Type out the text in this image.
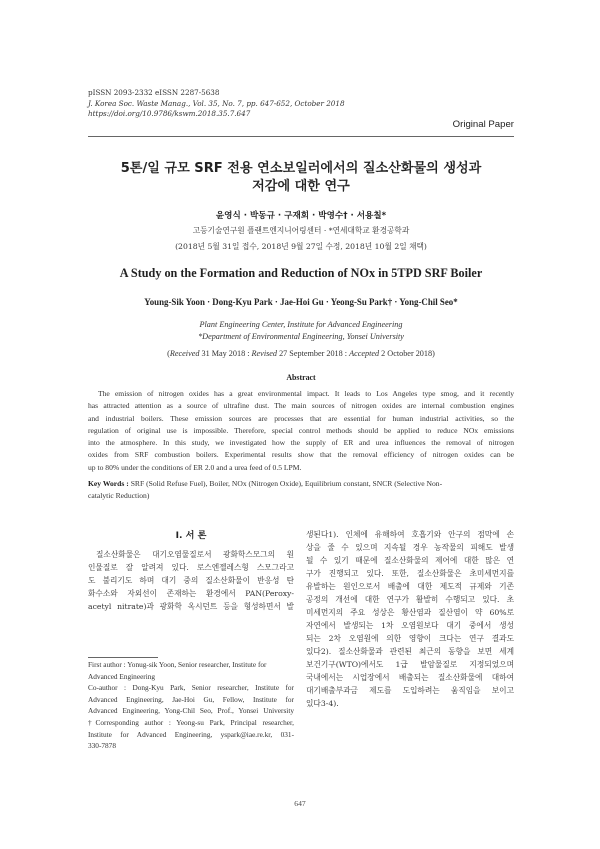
pISSN 2093-2332 eISSN 2287-5638
J. Korea Soc. Waste Manag., Vol. 35, No. 7, pp. 647-652, October 2018
https://doi.org/10.9786/kswm.2018.35.7.647
Original Paper
5톤/일 규모 SRF 전용 연소보일러에서의 질소산화물의 생성과
저감에 대한 연구
윤영식 · 박동규 · 구재회 · 박영수† · 서용칠*
고등기술연구원 플랜트엔지니어링센터 · *연세대학교 환경공학과
(2018년 5월 31일 접수, 2018년 9월 27일 수정, 2018년 10월 2일 채택)
A Study on the Formation and Reduction of NOx in 5TPD SRF Boiler
Young-Sik Yoon · Dong-Kyu Park · Jae-Hoi Gu · Yeong-Su Park† · Yong-Chil Seo*
Plant Engineering Center, Institute for Advanced Engineering
*Department of Environmental Engineering, Yonsei University
(Received 31 May 2018 : Revised 27 September 2018 : Accepted 2 October 2018)
Abstract
The emission of nitrogen oxides has a great environmental impact. It leads to Los Angeles type smog, and it recently
has attracted attention as a source of ultrafine dust. The main sources of nitrogen oxides are internal combustion engines
and industrial boilers. These emission sources are processes that are essential for human industrial activities, so the
regulation of original use is impossible. Therefore, special control methods should be applied to reduce NOx emissions
into the atmosphere. In this study, we investigated how the supply of ER and urea influences the removal of nitrogen
oxides from SRF combustion boilers. Experimental results show that the removal efficiency of nitrogen oxides can be
up to 80% under the conditions of ER 2.0 and a urea feed of 0.5 LPM.
Key Words : SRF (Solid Refuse Fuel), Boiler, NOx (Nitrogen Oxide), Equilibrium constant, SNCR (Selective Non-
catalytic Reduction)
I. 서 론
질소산화물은 대기오염물질로서 광화학스모그의 원
인물질로 잘 알려져 있다. 로스엔젤레스형 스모그라고
도 불리기도 하며 대기 중의 질소산화물이 반응성 탄
화수소와 자외선이 존재하는 환경에서 PAN(Peroxy-
acetyl nitrate)과 광화학 옥시던트 등을 형성하면서 발
First author : Yonug-sik Yoon, Senior researcher, Institute for
Advanced Engineering
Co-author : Dong-Kyu Park, Senior researcher, Institute for
Advanced Engineering, Jae-Hoi Gu, Fellow, Institute for
Advanced Engineering, Yong-Chil Seo, Prof., Yonsei University
†Corresponding author : Yeong-su Park, Principal researcher,
Institute for Advanced Engineering, yspark@iae.re.kr, 031-
330-7878
생된다1). 인체에 유해하여 호흡기와 안구의 점막에 손
상을 줄 수 있으며 지속될 경우 농작물의 피해도 발생
될 수 있기 때문에 질소산화물의 제어에 대한 많은 연
구가 진행되고 있다. 또한, 질소산화물은 초미세먼지를
유발하는 원인으로서 배출에 대한 제도적 규제와 기존
공정의 개선에 대한 연구가 활발히 수행되고 있다. 초
미세먼지의 주요 성상은 황산염과 질산염이 약 60%로
자연에서 발생되는 1차 오염원보다 대기 중에서 생성
되는 2차 오염원에 의한 영향이 크다는 연구 결과도
있다2). 질소산화물과 관련된 최근의 동향을 보면 세계
보건기구(WTO)에서도 1급 발암물질로 지정되었으며
국내에서는 시업장에서 배출되는 질소산화물에 대하여
대기배출부과금 제도를 도입하려는 움직임을 보이고
있다3-4).
647
